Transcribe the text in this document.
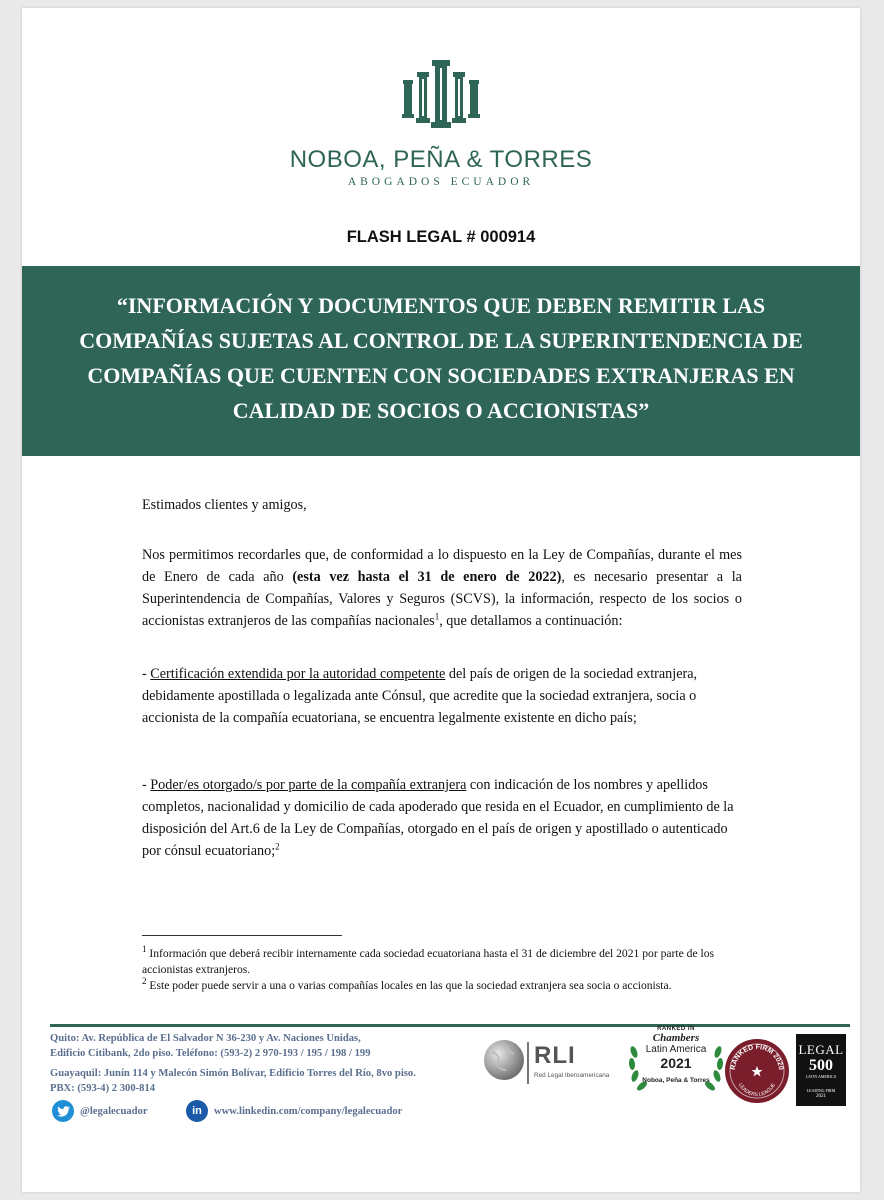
NOBOA, PEÑA & TORRES
ABOGADOS ECUADOR
FLASH LEGAL # 000914

“INFORMACIÓN Y DOCUMENTOS QUE DEBEN REMITIR LAS COMPAÑÍAS SUJETAS AL CONTROL DE LA SUPERINTENDENCIA DE COMPAÑÍAS QUE CUENTEN CON SOCIEDADES EXTRANJERAS EN CALIDAD DE SOCIOS O ACCIONISTAS”

Estimados clientes y amigos,

Nos permitimos recordarles que, de conformidad a lo dispuesto en la Ley de Compañías, durante el mes de Enero de cada año (esta vez hasta el 31 de enero de 2022), es necesario presentar a la Superintendencia de Compañías, Valores y Seguros (SCVS), la información, respecto de los socios o accionistas extranjeros de las compañías nacionales$^1$, que detallamos a continuación:

- Certificación extendida por la autoridad competente del país de origen de la sociedad extranjera, debidamente apostillada o legalizada ante Cónsul, que acredite que la sociedad extranjera, socia o accionista de la compañía ecuatoriana, se encuentra legalmente existente en dicho país;

- Poder/es otorgado/s por parte de la compañía extranjera con indicación de los nombres y apellidos completos, nacionalidad y domicilio de cada apoderado que resida en el Ecuador, en cumplimiento de la disposición del Art.6 de la Ley de Compañías, otorgado en el país de origen y apostillado o autenticado por cónsul ecuatoriano;$^2$

$^1$ Información que deberá recibir internamente cada sociedad ecuatoriana hasta el 31 de diciembre del 2021 por parte de los accionistas extranjeros.

$^2$ Este poder puede servir a una o varias compañías locales en las que la sociedad extranjera sea socia o accionista.

Quito: Av. República de El Salvador N 36-230 y Av. Naciones Unidas,
Edificio Citibank, 2do piso. Teléfono: (593-2) 2 970-193 / 195 / 198 / 199

Guayaquil: Junín 114 y Malecón Simón Bolívar, Edificio Torres del Río, 8vo piso.
PBX: (593-4) 2 300-814

@legalecuador	in	www.linkedin.com/company/legalecuador
RLI
Red Legal Iberoamericana
RANKED IN
Chambers
Latin America
2021
Noboa, Peña & Torres
RANKED FIRM 2020
LEADERS LEAGUE
LEGAL
500
LATIN AMERICA
LEADING FIRM
2021
